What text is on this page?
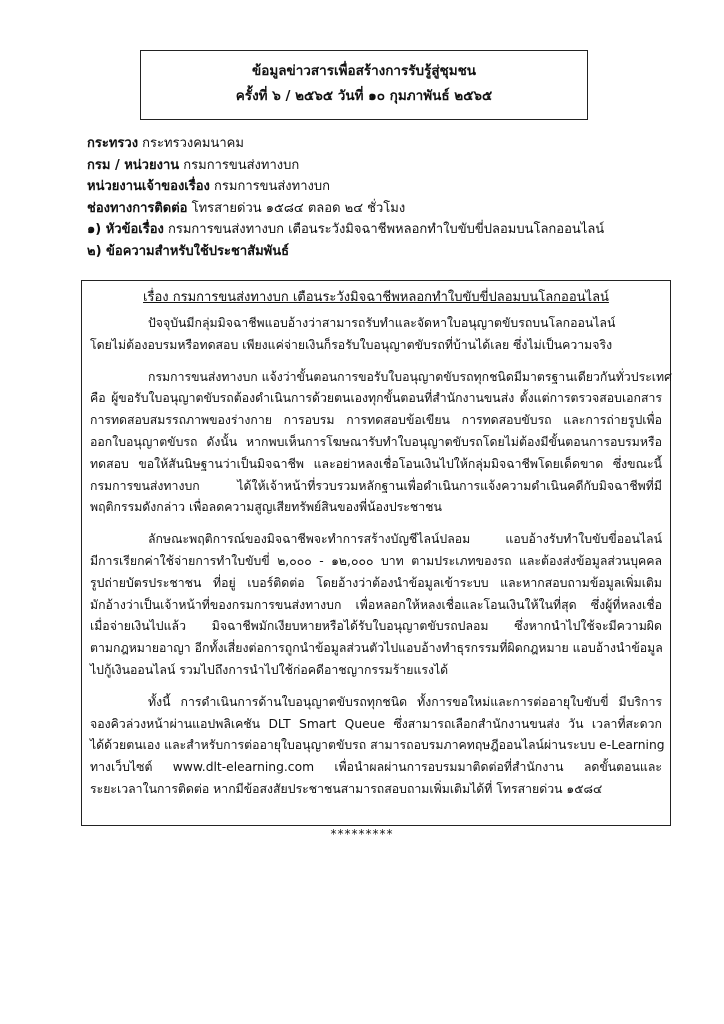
ข้อมูลข่าวสารเพื่อสร้างการรับรู้สู่ชุมชน
ครั้งที่ ๖ / ๒๕๖๕ วันที่ ๑๐ กุมภาพันธ์ ๒๕๖๕
กระทรวง กระทรวงคมนาคม
กรม / หน่วยงาน กรมการขนส่งทางบก
หน่วยงานเจ้าของเรื่อง กรมการขนส่งทางบก
ช่องทางการติดต่อ โทรสายด่วน ๑๕๘๔ ตลอด ๒๔ ชั่วโมง
๑) หัวข้อเรื่อง กรมการขนส่งทางบก เตือนระวังมิจฉาชีพหลอกทำใบขับขี่ปลอมบนโลกออนไลน์
๒) ข้อความสำหรับใช้ประชาสัมพันธ์
เรื่อง กรมการขนส่งทางบก เตือนระวังมิจฉาชีพหลอกทำใบขับขี่ปลอมบนโลกออนไลน์
ปัจจุบันมีกลุ่มมิจฉาชีพแอบอ้างว่าสามารถรับทำและจัดหาใบอนุญาตขับรถบนโลกออนไลน์
โดยไม่ต้องอบรมหรือทดสอบ เพียงแค่จ่ายเงินก็รอรับใบอนุญาตขับรถที่บ้านได้เลย ซึ่งไม่เป็นความจริง
กรมการขนส่งทางบก แจ้งว่าขั้นตอนการขอรับใบอนุญาตขับรถทุกชนิดมีมาตรฐานเดียวกันทั่วประเทศ
คือ ผู้ขอรับใบอนุญาตขับรถต้องดำเนินการด้วยตนเองทุกขั้นตอนที่สำนักงานขนส่ง ตั้งแต่การตรวจสอบเอกสาร
การทดสอบสมรรถภาพของร่างกาย การอบรม การทดสอบข้อเขียน การทดสอบขับรถ และการถ่ายรูปเพื่อ
ออกใบอนุญาตขับรถ ดังนั้น หากพบเห็นการโฆษณารับทำใบอนุญาตขับรถโดยไม่ต้องมีขั้นตอนการอบรมหรือ
ทดสอบ ขอให้สันนิษฐานว่าเป็นมิจฉาชีพ และอย่าหลงเชื่อโอนเงินไปให้กลุ่มมิจฉาชีพโดยเด็ดขาด ซึ่งขณะนี้
กรมการขนส่งทางบก ได้ให้เจ้าหน้าที่รวบรวมหลักฐานเพื่อดำเนินการแจ้งความดำเนินคดีกับมิจฉาชีพที่มี
พฤติกรรมดังกล่าว เพื่อลดความสูญเสียทรัพย์สินของพี่น้องประชาชน
ลักษณะพฤติการณ์ของมิจฉาชีพจะทำการสร้างบัญชีไลน์ปลอม แอบอ้างรับทำใบขับขี่ออนไลน์
มีการเรียกค่าใช้จ่ายการทำใบขับขี่ ๒,๐๐๐ - ๑๒,๐๐๐ บาท ตามประเภทของรถ และต้องส่งข้อมูลส่วนบุคคล
รูปถ่ายบัตรประชาชน ที่อยู่ เบอร์ติดต่อ โดยอ้างว่าต้องนำข้อมูลเข้าระบบ และหากสอบถามข้อมูลเพิ่มเติม
มักอ้างว่าเป็นเจ้าหน้าที่ของกรมการขนส่งทางบก เพื่อหลอกให้หลงเชื่อและโอนเงินให้ในที่สุด ซึ่งผู้ที่หลงเชื่อ
เมื่อจ่ายเงินไปแล้ว มิจฉาชีพมักเงียบหายหรือได้รับใบอนุญาตขับรถปลอม ซึ่งหากนำไปใช้จะมีความผิด
ตามกฎหมายอาญา อีกทั้งเสี่ยงต่อการถูกนำข้อมูลส่วนตัวไปแอบอ้างทำธุรกรรมที่ผิดกฎหมาย แอบอ้างนำข้อมูล
ไปกู้เงินออนไลน์ รวมไปถึงการนำไปใช้ก่อคดีอาชญากรรมร้ายแรงได้
ทั้งนี้ การดำเนินการด้านใบอนุญาตขับรถทุกชนิด ทั้งการขอใหม่และการต่ออายุใบขับขี่ มีบริการ
จองคิวล่วงหน้าผ่านแอปพลิเคชัน DLT Smart Queue ซึ่งสามารถเลือกสำนักงานขนส่ง วัน เวลาที่สะดวก
ได้ด้วยตนเอง และสำหรับการต่ออายุใบอนุญาตขับรถ สามารถอบรมภาคทฤษฎีออนไลน์ผ่านระบบ e-Learning
ทางเว็บไซต์ www.dlt-elearning.com เพื่อนำผลผ่านการอบรมมาติดต่อที่สำนักงาน ลดขั้นตอนและ
ระยะเวลาในการติดต่อ หากมีข้อสงสัยประชาชนสามารถสอบถามเพิ่มเติมได้ที่ โทรสายด่วน ๑๕๘๔
*********
